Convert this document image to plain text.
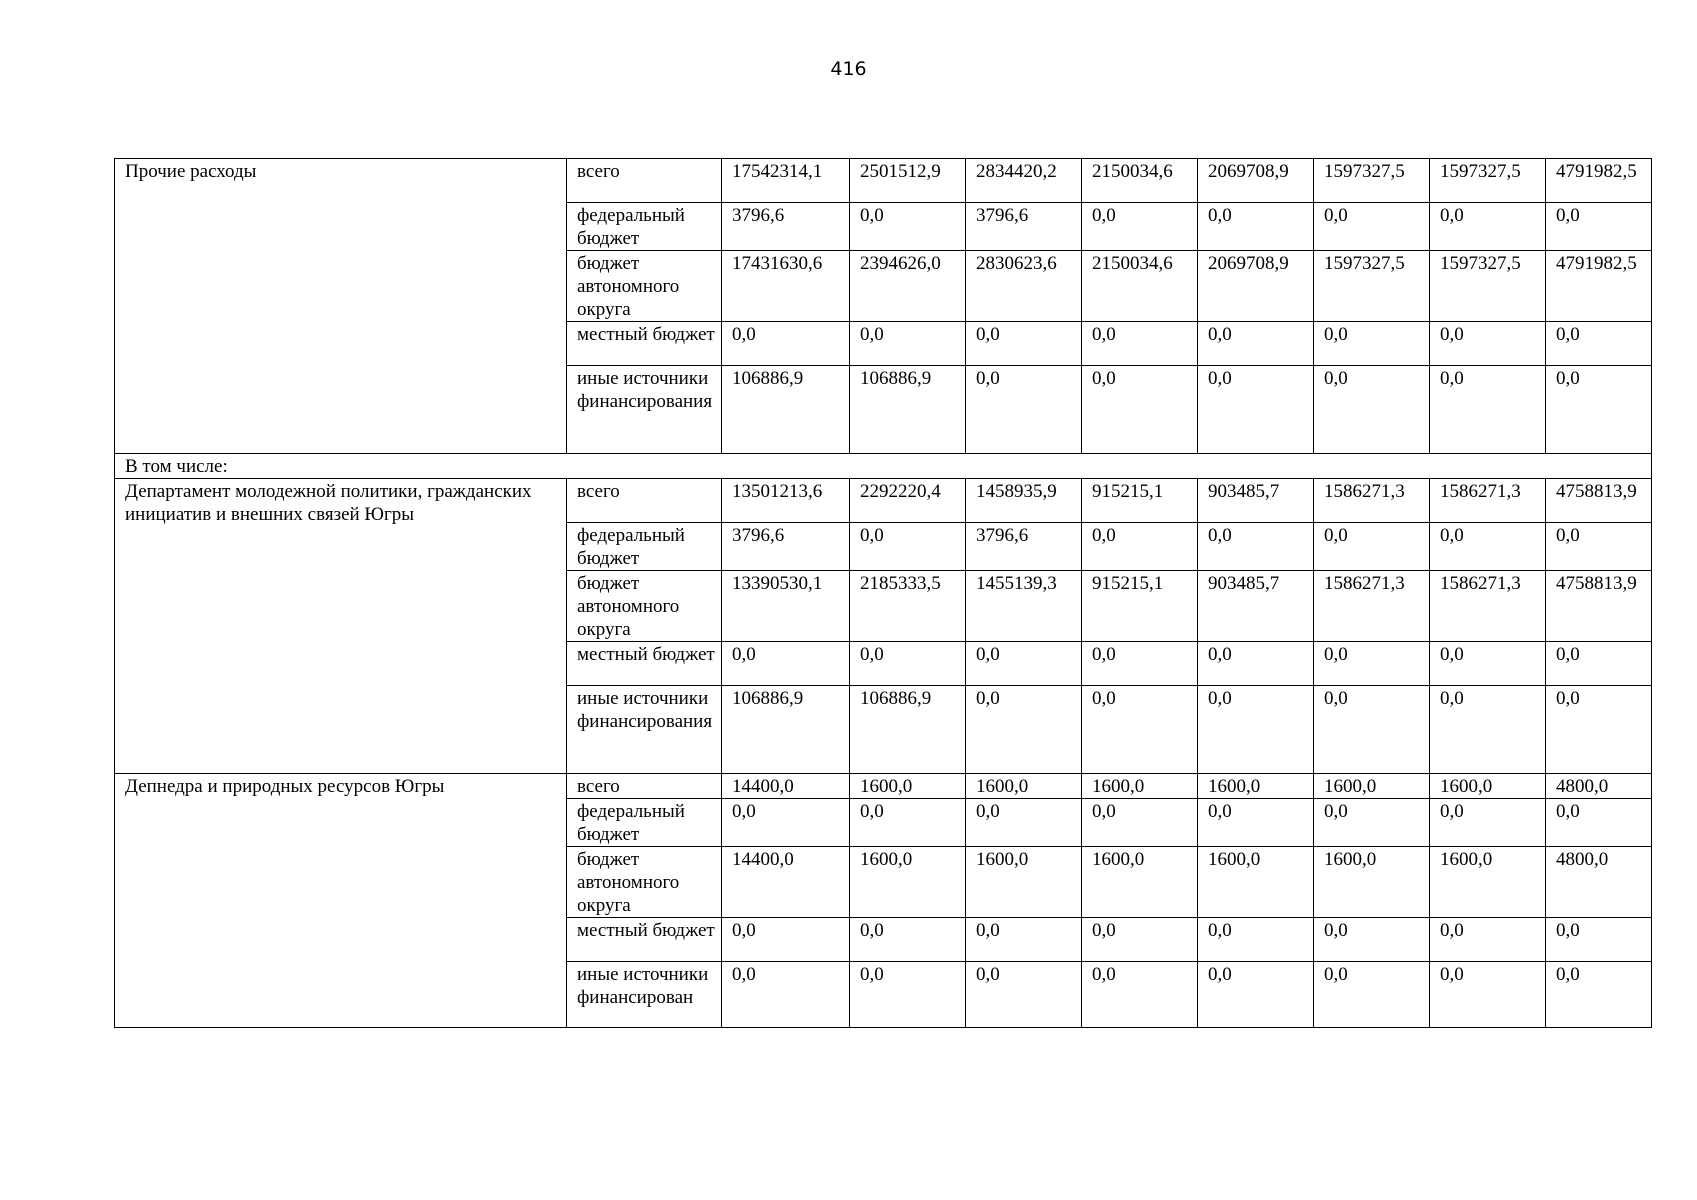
416
Прочие расходы	всего	17542314,1	2501512,9	2834420,2	2150034,6	2069708,9	1597327,5	1597327,5	4791982,5
	федеральный бюджет	3796,6	0,0	3796,6	0,0	0,0	0,0	0,0	0,0
	бюджет автономного округа	17431630,6	2394626,0	2830623,6	2150034,6	2069708,9	1597327,5	1597327,5	4791982,5
	местный бюджет	0,0	0,0	0,0	0,0	0,0	0,0	0,0	0,0
	иные источники финансирования	106886,9	106886,9	0,0	0,0	0,0	0,0	0,0	0,0
В том числе:									
Департамент молодежной политики, гражданских инициатив и внешних связей Югры	всего	13501213,6	2292220,4	1458935,9	915215,1	903485,7	1586271,3	1586271,3	4758813,9
	федеральный бюджет	3796,6	0,0	3796,6	0,0	0,0	0,0	0,0	0,0
	бюджет автономного округа	13390530,1	2185333,5	1455139,3	915215,1	903485,7	1586271,3	1586271,3	4758813,9
	местный бюджет	0,0	0,0	0,0	0,0	0,0	0,0	0,0	0,0
	иные источники финансирования	106886,9	106886,9	0,0	0,0	0,0	0,0	0,0	0,0
Депнедра и природных ресурсов Югры	всего	14400,0	1600,0	1600,0	1600,0	1600,0	1600,0	1600,0	4800,0
	федеральный бюджет	0,0	0,0	0,0	0,0	0,0	0,0	0,0	0,0
	бюджет автономного округа	14400,0	1600,0	1600,0	1600,0	1600,0	1600,0	1600,0	4800,0
	местный бюджет	0,0	0,0	0,0	0,0	0,0	0,0	0,0	0,0
	иные источники финансирован	0,0	0,0	0,0	0,0	0,0	0,0	0,0	0,0
